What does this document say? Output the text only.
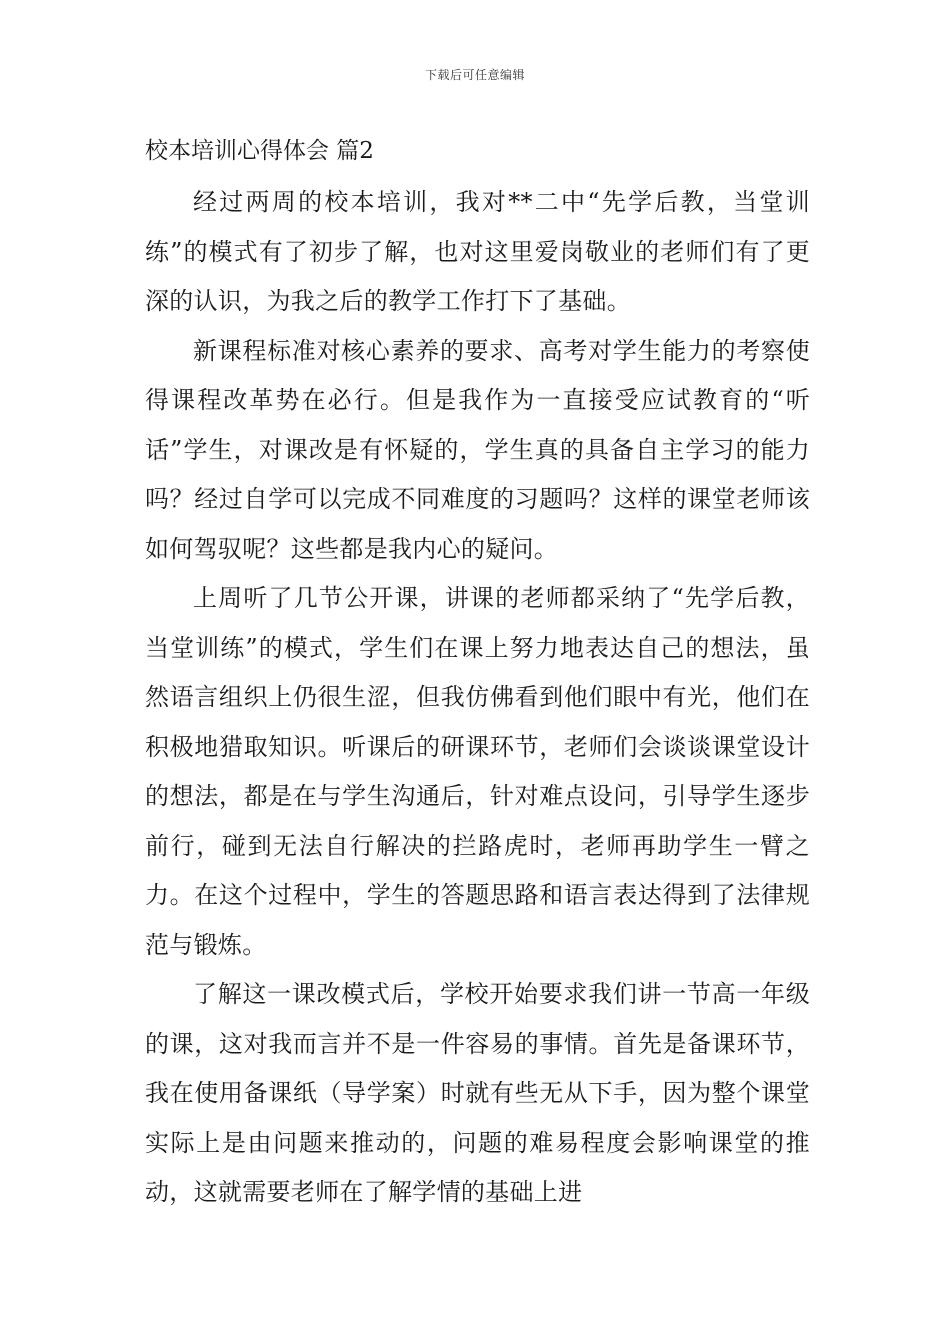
下载后可任意编辑
校本培训心得体会 篇2

经过两周的校本培训，我对**二中“先学后教，当堂训练”的模式有了初步了解，也对这里爱岗敬业的老师们有了更深的认识，为我之后的教学工作打下了基础。

新课程标准对核心素养的要求、高考对学生能力的考察使得课程改革势在必行。但是我作为一直接受应试教育的“听话”学生，对课改是有怀疑的，学生真的具备自主学习的能力吗？经过自学可以完成不同难度的习题吗？这样的课堂老师该如何驾驭呢？这些都是我内心的疑问。

上周听了几节公开课，讲课的老师都采纳了“先学后教，当堂训练”的模式，学生们在课上努力地表达自己的想法，虽然语言组织上仍很生涩，但我仿佛看到他们眼中有光，他们在积极地猎取知识。听课后的研课环节，老师们会谈谈课堂设计的想法，都是在与学生沟通后，针对难点设问，引导学生逐步前行，碰到无法自行解决的拦路虎时，老师再助学生一臂之力。在这个过程中，学生的答题思路和语言表达得到了法律规范与锻炼。

了解这一课改模式后，学校开始要求我们讲一节高一年级的课，这对我而言并不是一件容易的事情。首先是备课环节，我在使用备课纸（导学案）时就有些无从下手，因为整个课堂实际上是由问题来推动的，问题的难易程度会影响课堂的推动，这就需要老师在了解学情的基础上进
